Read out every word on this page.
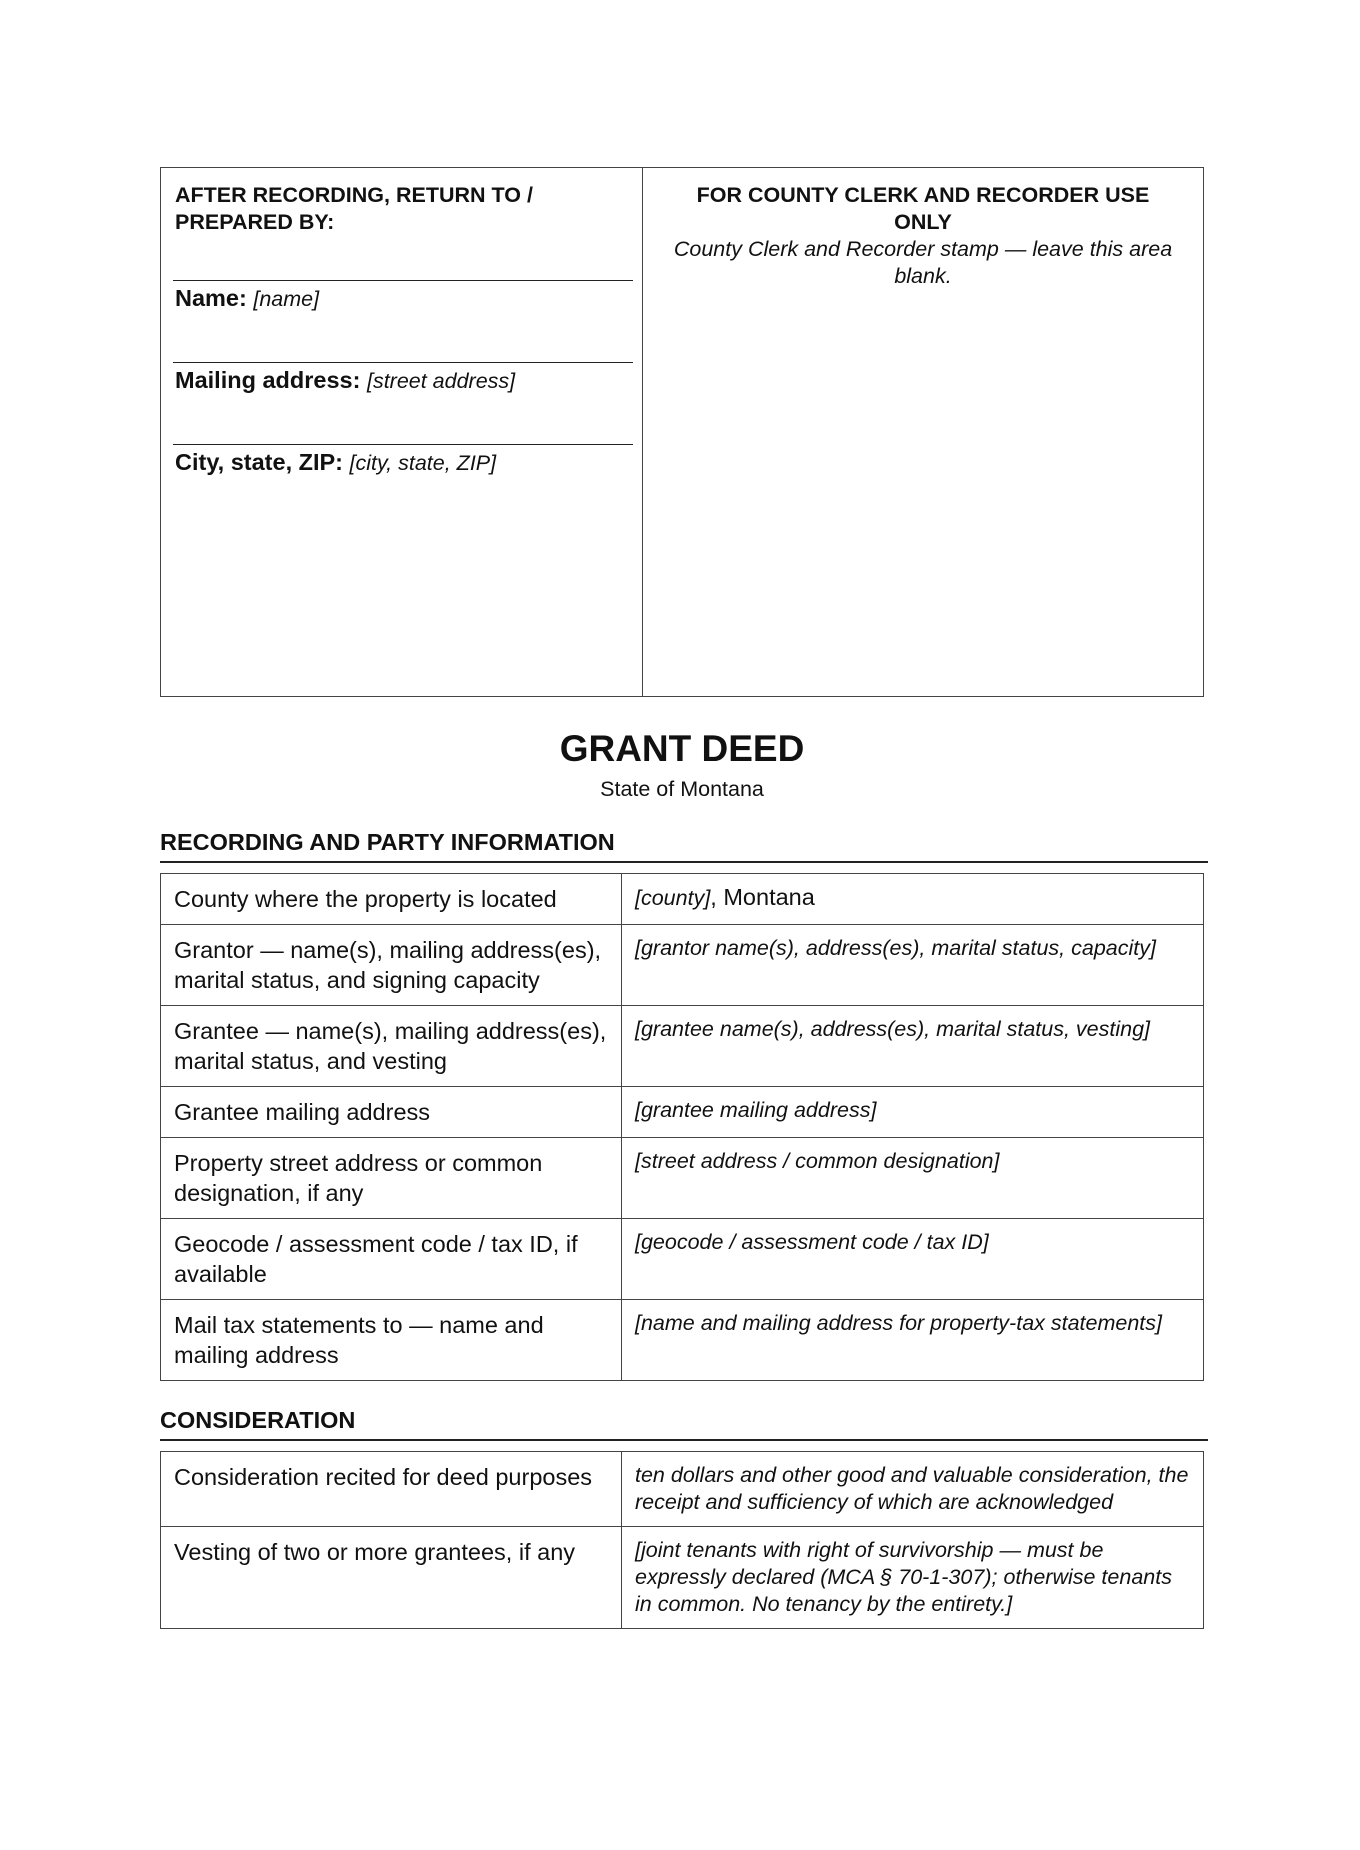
AFTER RECORDING, RETURN TO / PREPARED BY:
Name: [name]
Mailing address: [street address]
City, state, ZIP: [city, state, ZIP]
FOR COUNTY CLERK AND RECORDER USE ONLY
County Clerk and Recorder stamp — leave this area blank.
GRANT DEED
State of Montana
RECORDING AND PARTY INFORMATION
County where the property is located	[county], Montana
Grantor — name(s), mailing address(es), marital status, and signing capacity	[grantor name(s), address(es), marital status, capacity]
Grantee — name(s), mailing address(es), marital status, and vesting	[grantee name(s), address(es), marital status, vesting]
Grantee mailing address	[grantee mailing address]
Property street address or common designation, if any	[street address / common designation]
Geocode / assessment code / tax ID, if available	[geocode / assessment code / tax ID]
Mail tax statements to — name and mailing address	[name and mailing address for property-tax statements]
CONSIDERATION
Consideration recited for deed purposes	ten dollars and other good and valuable consideration, the receipt and sufficiency of which are acknowledged
Vesting of two or more grantees, if any	[joint tenants with right of survivorship — must be expressly declared (MCA § 70-1-307); otherwise tenants in common. No tenancy by the entirety.]
